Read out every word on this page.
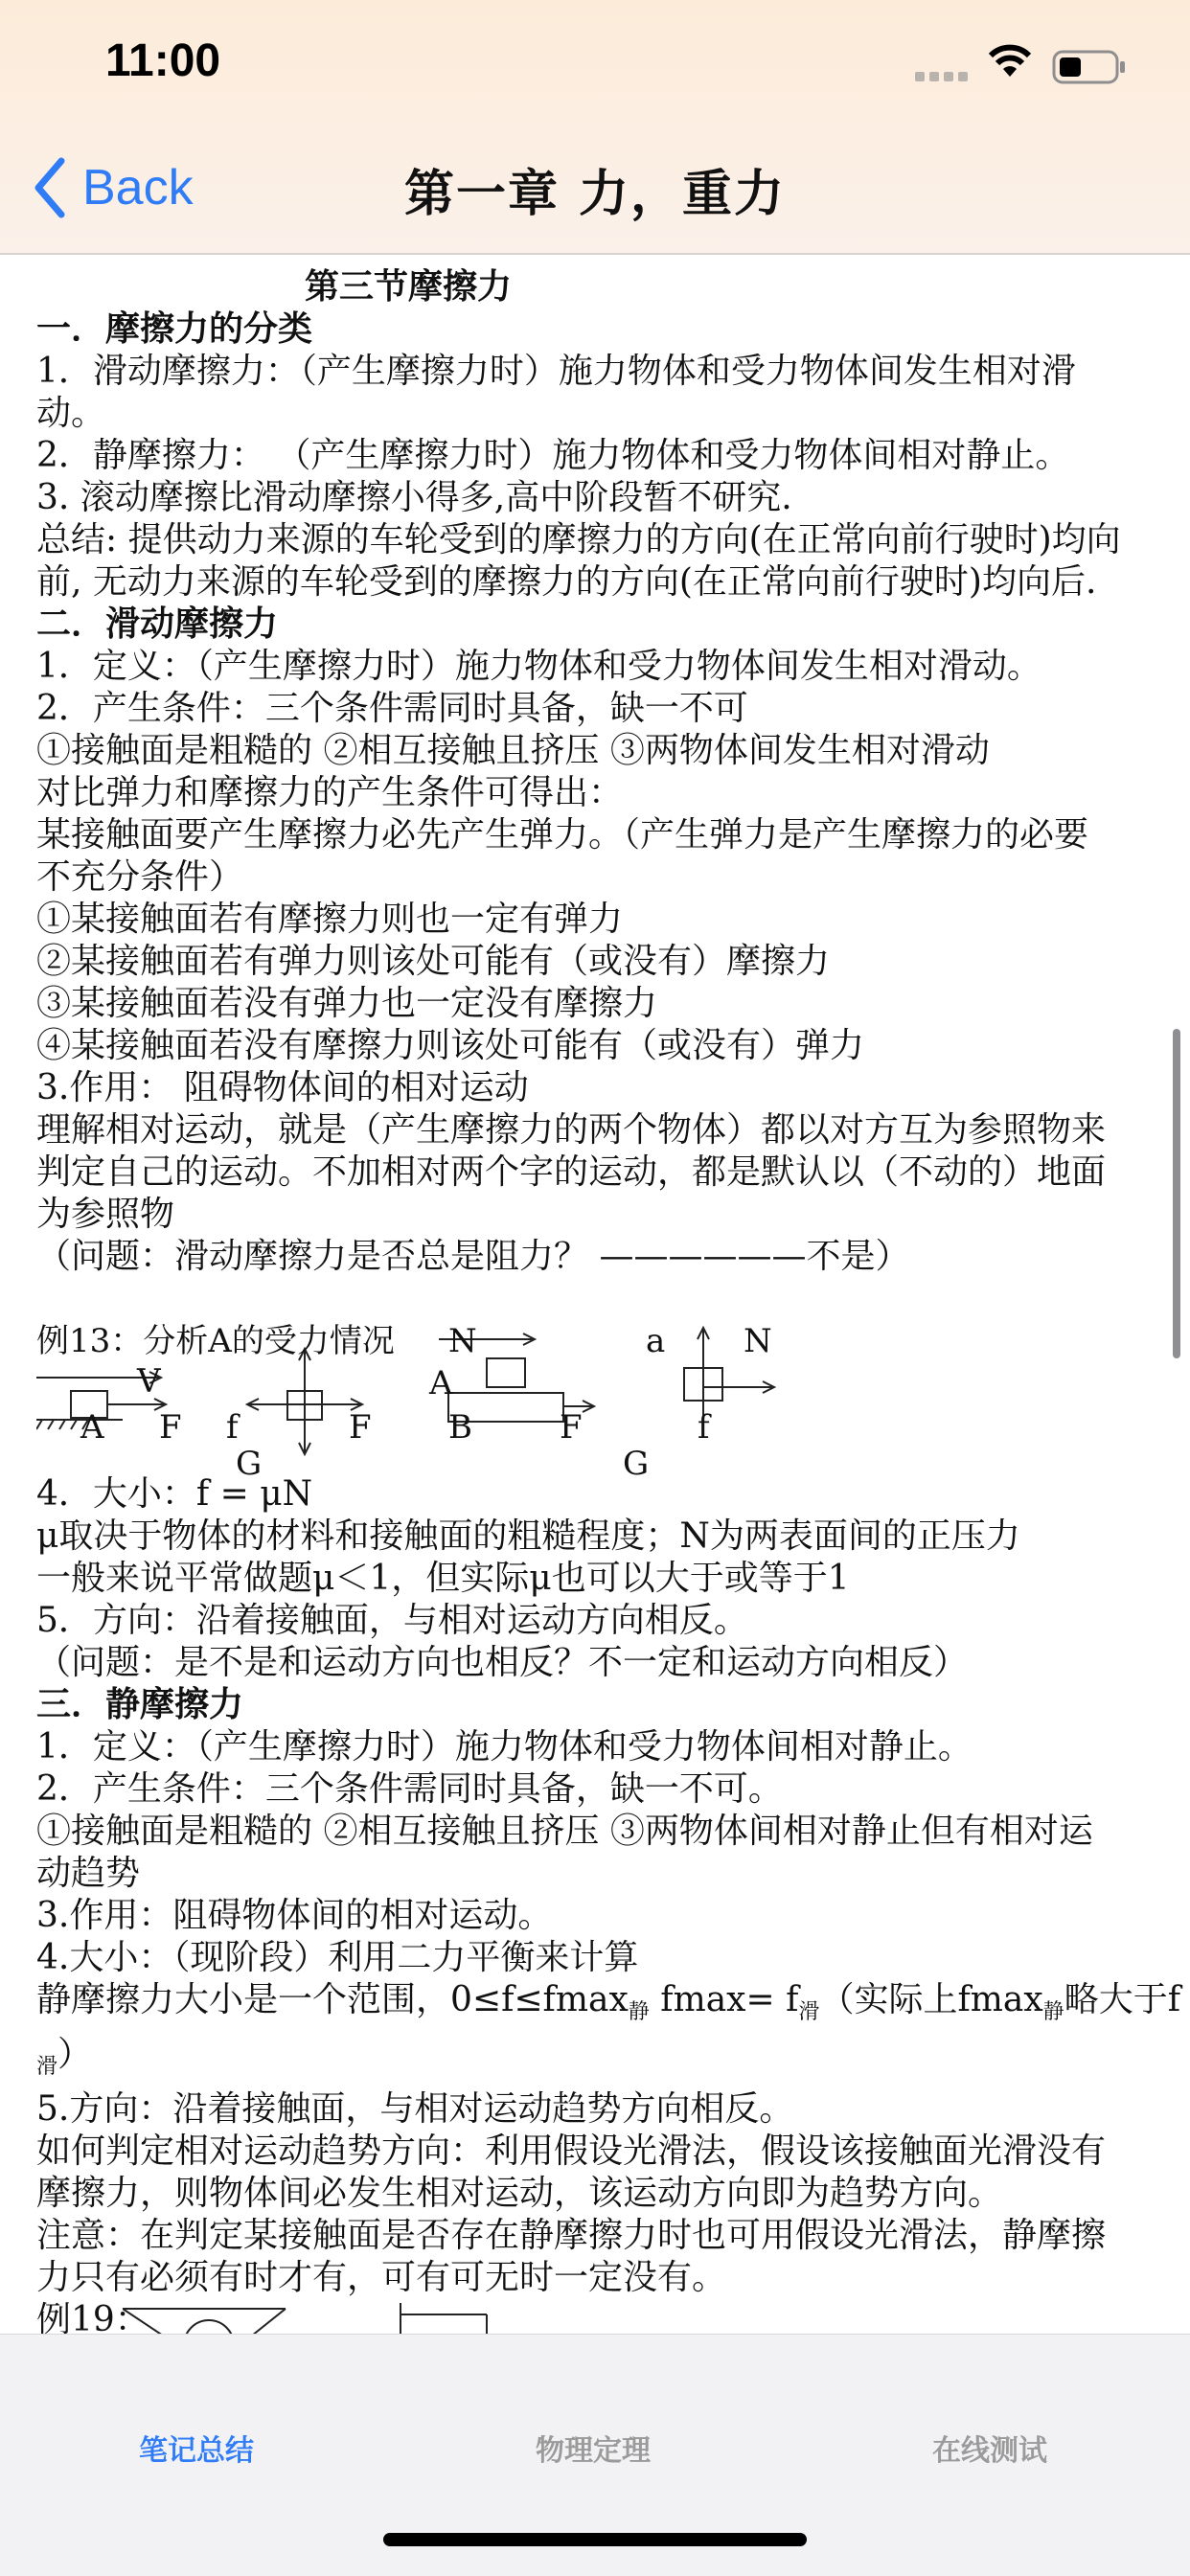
11:00
Back	第一章 力，重力
第三节摩擦力
一．摩擦力的分类
1．滑动摩擦力：（产生摩擦力时）施力物体和受力物体间发生相对滑
动。
2．静摩擦力： （产生摩擦力时）施力物体和受力物体间相对静止。
3. 滚动摩擦比滑动摩擦小得多,高中阶段暂不研究.
总结: 提供动力来源的车轮受到的摩擦力的方向(在正常向前行驶时)均向
前, 无动力来源的车轮受到的摩擦力的方向(在正常向前行驶时)均向后.
二．滑动摩擦力
1．定义：（产生摩擦力时）施力物体和受力物体间发生相对滑动。
2．产生条件：三个条件需同时具备，缺一不可
①接触面是粗糙的 ②相互接触且挤压 ③两物体间发生相对滑动
对比弹力和摩擦力的产生条件可得出：
某接触面要产生摩擦力必先产生弹力。（产生弹力是产生摩擦力的必要
不充分条件）
①某接触面若有摩擦力则也一定有弹力
②某接触面若有弹力则该处可能有（或没有）摩擦力
③某接触面若没有弹力也一定没有摩擦力
④某接触面若没有摩擦力则该处可能有（或没有）弹力
3.作用： 阻碍物体间的相对运动
理解相对运动，就是（产生摩擦力的两个物体）都以对方互为参照物来
判定自己的运动。不加相对两个字的运动，都是默认以（不动的）地面
为参照物
（问题：滑动摩擦力是否总是阻力？ ——————不是）
例13：分析A的受力情况 N	a N
V	A
A F f	F B	F	f
G	G
4．大小：f = μN
μ取决于物体的材料和接触面的粗糙程度；N为两表面间的正压力
一般来说平常做题μ＜1，但实际μ也可以大于或等于1
5．方向：沿着接触面，与相对运动方向相反。
（问题：是不是和运动方向也相反？不一定和运动方向相反）
三．静摩擦力
1．定义：（产生摩擦力时）施力物体和受力物体间相对静止。
2．产生条件：三个条件需同时具备，缺一不可。
①接触面是粗糙的 ②相互接触且挤压 ③两物体间相对静止但有相对运
动趋势
3.作用：阻碍物体间的相对运动。
4.大小：（现阶段）利用二力平衡来计算
静摩擦力大小是一个范围，0≤f≤fmax$_静$ $fmax= f_滑$（实际上fmax$_静$略大于f
$_滑$）
5.方向：沿着接触面，与相对运动趋势方向相反。
如何判定相对运动趋势方向：利用假设光滑法，假设该接触面光滑没有
摩擦力，则物体间必发生相对运动，该运动方向即为趋势方向。
注意：在判定某接触面是否存在静摩擦力时也可用假设光滑法，静摩擦
力只有必须有时才有，可有可无时一定没有。
例19：
笔记总结	物理定理	在线测试
